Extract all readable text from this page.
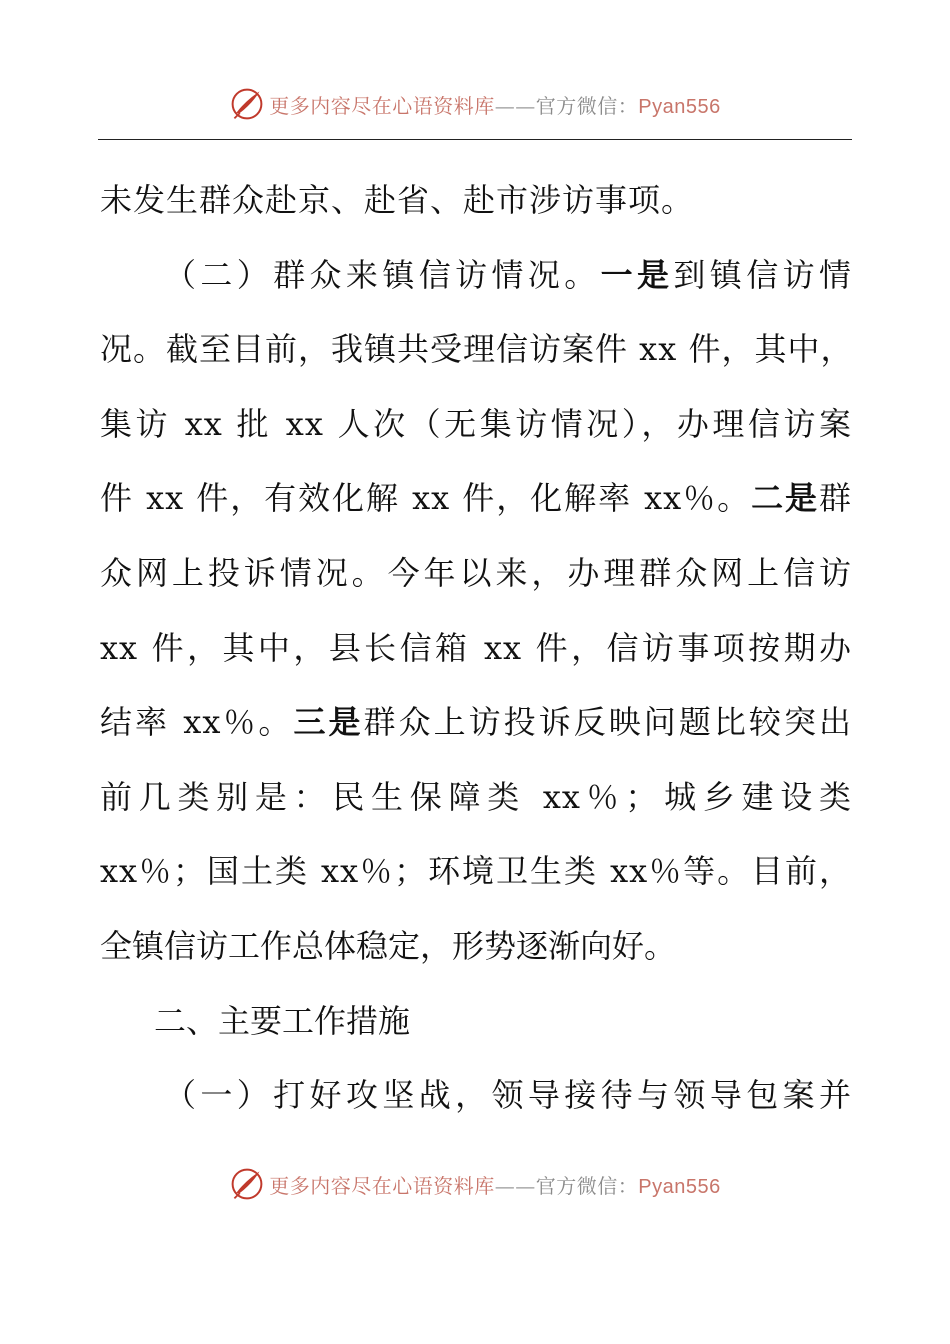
更多内容尽在心语资料库——官方微信：Pyan556
未发生群众赴京、赴省、赴市涉访事项。
（二）群众来镇信访情况。一是到镇信访情
况。截至目前，我镇共受理信访案件 xx 件，其中，
集访 xx 批 xx 人次（无集访情况），办理信访案
件 xx 件，有效化解 xx 件，化解率 xx％。二是群
众网上投诉情况。今年以来，办理群众网上信访
xx 件，其中，县长信箱 xx 件，信访事项按期办
结率 xx％。三是群众上访投诉反映问题比较突出
前几类别是：民生保障类 xx％；城乡建设类
xx％；国土类 xx％；环境卫生类 xx％等。目前，
全镇信访工作总体稳定，形势逐渐向好。
二、主要工作措施
（一）打好攻坚战，领导接待与领导包案并
更多内容尽在心语资料库——官方微信：Pyan556
